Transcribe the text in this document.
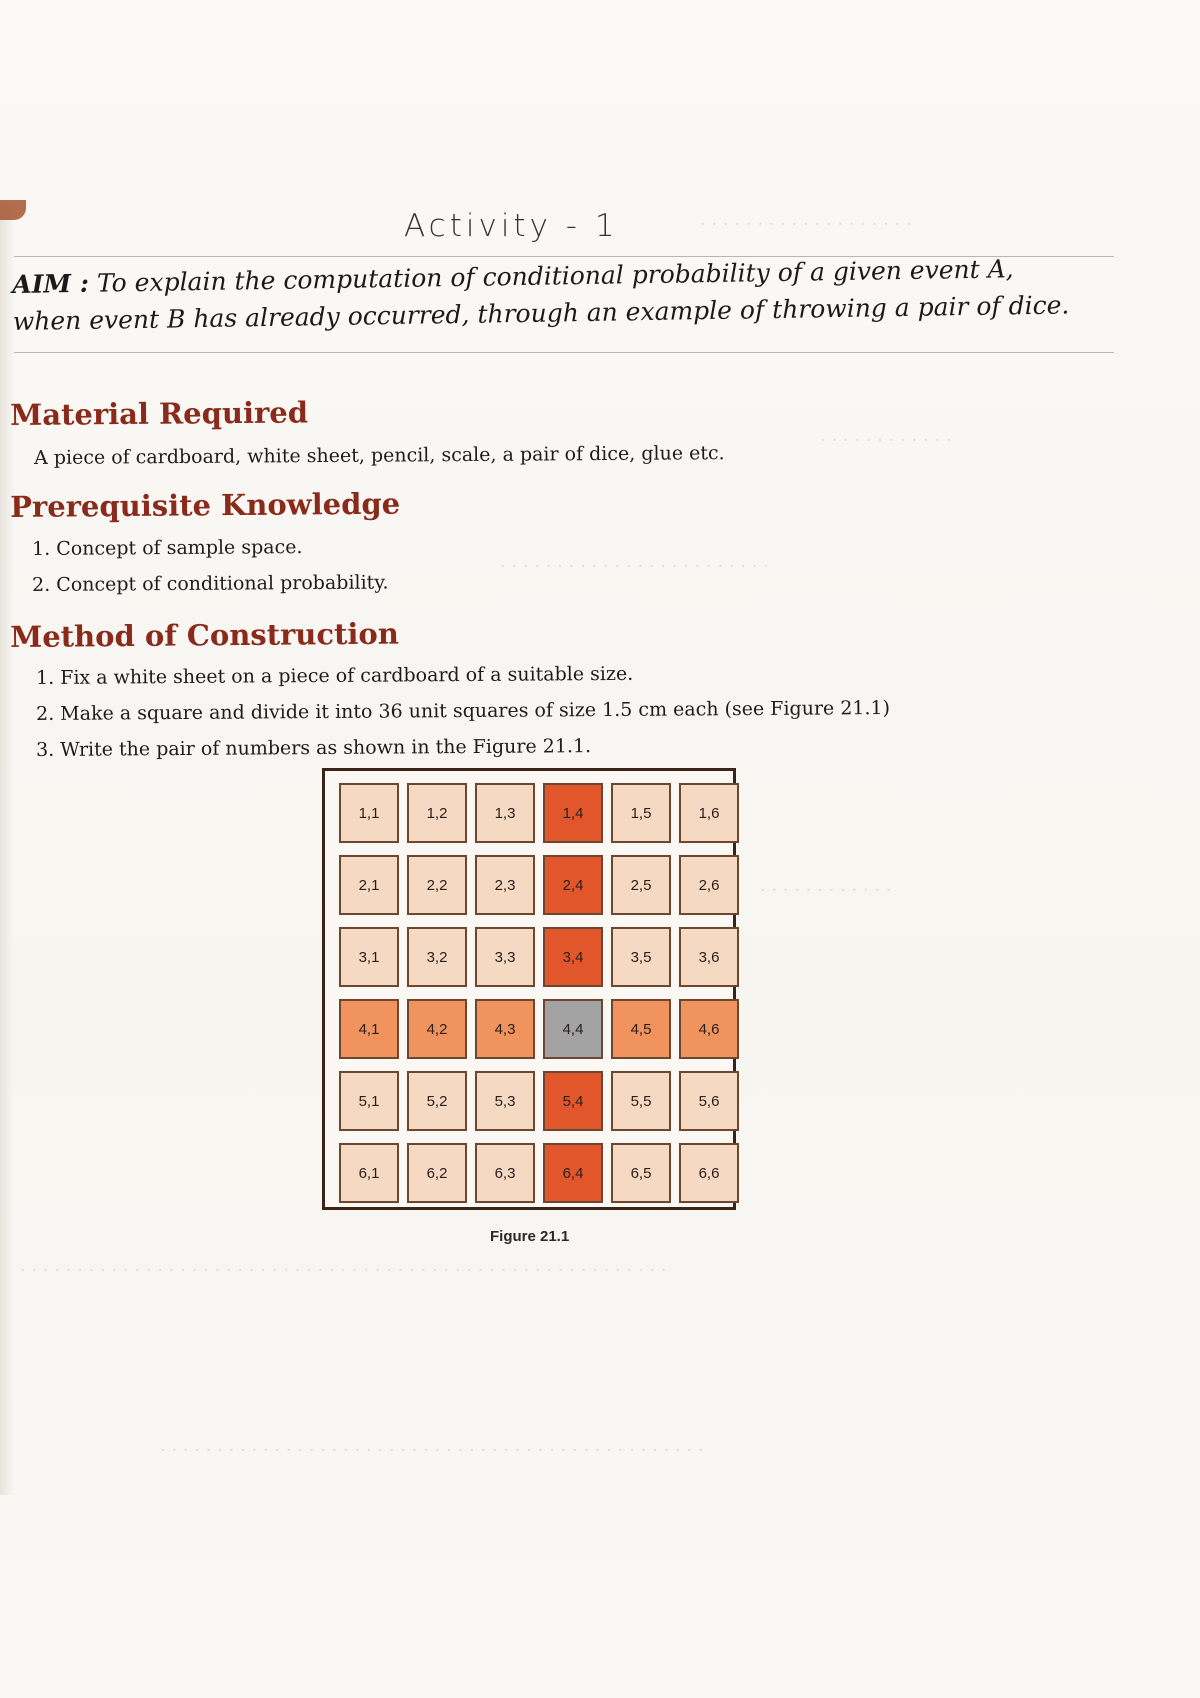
· · · · · · · · · · · · · · · · · · ·
· · · · · · · · · · · ·
· · · · · · · · · · · · · · · · · · · · · · · ·
· · · · · · · · · · · ·
· · · · · · · · · · · · · · · · · · · · · · · · · · · · · · · · · · · · · · · · · · · · · · · · · · · · · · · · ·
· · · · · · · · · · · · · · · · · · · · · · · · · · · · · · · · · · · · · · · · · · · · · · · ·
Activity - 1
AIM : To explain the computation of conditional probability of a given event A,
when event B has already occurred, through an example of throwing a pair of dice.
Material Required
A piece of cardboard, white sheet, pencil, scale, a pair of dice, glue etc.
Prerequisite Knowledge
1. Concept of sample space.
2. Concept of conditional probability.
Method of Construction
1. Fix a white sheet on a piece of cardboard of a suitable size.
2. Make a square and divide it into 36 unit squares of size 1.5 cm each (see Figure 21.1)
3. Write the pair of numbers as shown in the Figure 21.1.
1,1	1,2	1,3	1,4	1,5	1,6
2,1	2,2	2,3	2,4	2,5	2,6
3,1	3,2	3,3	3,4	3,5	3,6
4,1	4,2	4,3	4,4	4,5	4,6
5,1	5,2	5,3	5,4	5,5	5,6
6,1	6,2	6,3	6,4	6,5	6,6
Figure 21.1
